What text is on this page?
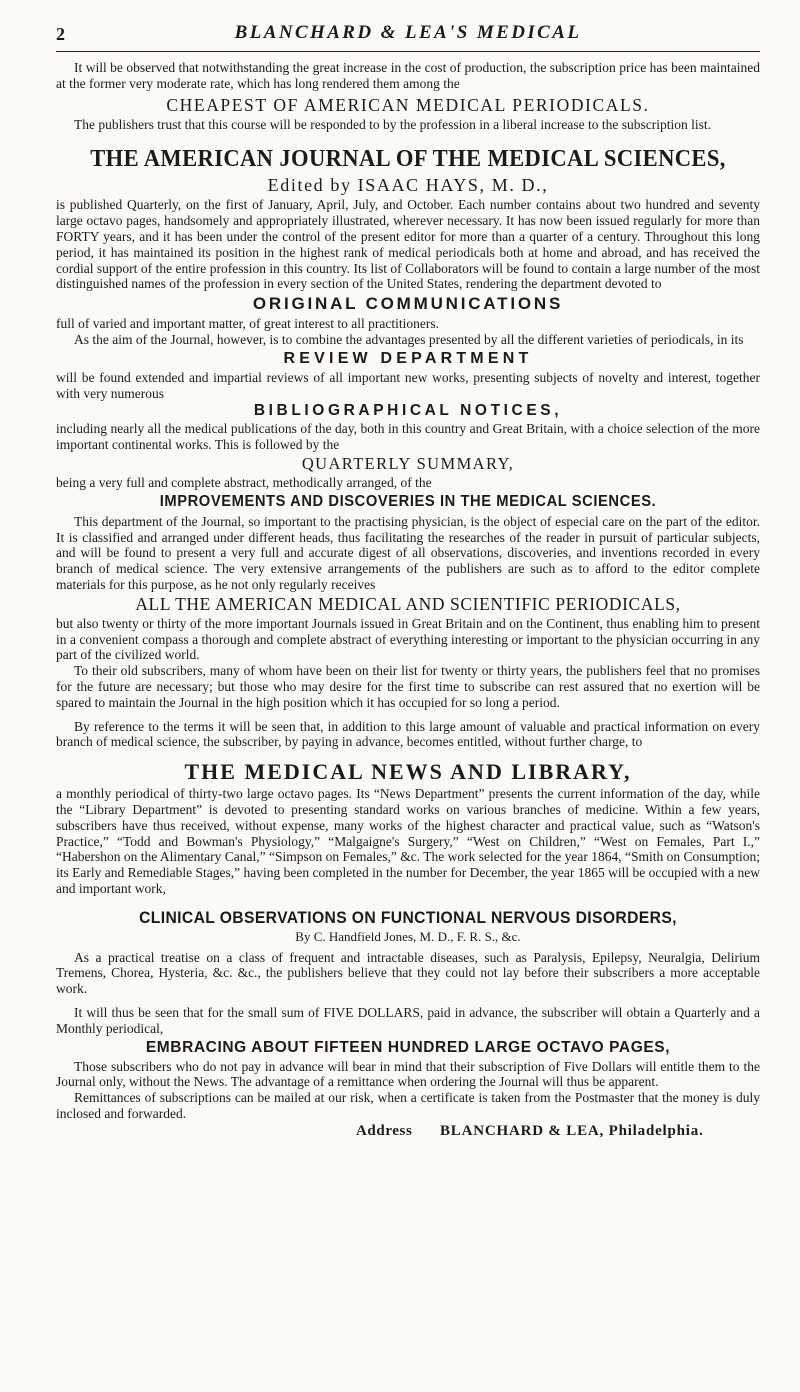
2	BLANCHARD & LEA'S MEDICAL

It will be observed that notwithstanding the great increase in the cost of production, the subscription price has been maintained at the former very moderate rate, which has long rendered them among the

CHEAPEST OF AMERICAN MEDICAL PERIODICALS.

The publishers trust that this course will be responded to by the profession in a liberal increase to the subscription list.

THE AMERICAN JOURNAL OF THE MEDICAL SCIENCES,
Edited by ISAAC HAYS, M. D.,

is published Quarterly, on the first of January, April, July, and October. Each number contains about two hundred and seventy large octavo pages, handsomely and appropriately illustrated, wherever necessary. It has now been issued regularly for more than FORTY years, and it has been under the control of the present editor for more than a quarter of a century. Throughout this long period, it has maintained its position in the highest rank of medical periodicals both at home and abroad, and has received the cordial support of the entire profession in this country. Its list of Collaborators will be found to contain a large number of the most distinguished names of the profession in every section of the United States, rendering the department devoted to

ORIGINAL COMMUNICATIONS

full of varied and important matter, of great interest to all practitioners.

As the aim of the Journal, however, is to combine the advantages presented by all the different varieties of periodicals, in its

REVIEW DEPARTMENT

will be found extended and impartial reviews of all important new works, presenting subjects of novelty and interest, together with very numerous

BIBLIOGRAPHICAL NOTICES,

including nearly all the medical publications of the day, both in this country and Great Britain, with a choice selection of the more important continental works. This is followed by the

QUARTERLY SUMMARY,

being a very full and complete abstract, methodically arranged, of the

IMPROVEMENTS AND DISCOVERIES IN THE MEDICAL SCIENCES.

This department of the Journal, so important to the practising physician, is the object of especial care on the part of the editor. It is classified and arranged under different heads, thus facilitating the researches of the reader in pursuit of particular subjects, and will be found to present a very full and accurate digest of all observations, discoveries, and inventions recorded in every branch of medical science. The very extensive arrangements of the publishers are such as to afford to the editor complete materials for this purpose, as he not only regularly receives

ALL THE AMERICAN MEDICAL AND SCIENTIFIC PERIODICALS,

but also twenty or thirty of the more important Journals issued in Great Britain and on the Continent, thus enabling him to present in a convenient compass a thorough and complete abstract of everything interesting or important to the physician occurring in any part of the civilized world.

To their old subscribers, many of whom have been on their list for twenty or thirty years, the publishers feel that no promises for the future are necessary; but those who may desire for the first time to subscribe can rest assured that no exertion will be spared to maintain the Journal in the high position which it has occupied for so long a period.

By reference to the terms it will be seen that, in addition to this large amount of valuable and practical information on every branch of medical science, the subscriber, by paying in advance, becomes entitled, without further charge, to

THE MEDICAL NEWS AND LIBRARY,

a monthly periodical of thirty-two large octavo pages. Its “News Department” presents the current information of the day, while the “Library Department” is devoted to presenting standard works on various branches of medicine. Within a few years, subscribers have thus received, without expense, many works of the highest character and practical value, such as “Watson's Practice,” “Todd and Bowman's Physiology,” “Malgaigne's Surgery,” “West on Children,” “West on Females, Part I.,” “Habershon on the Alimentary Canal,” “Simpson on Females,” &c. The work selected for the year 1864, “Smith on Consumption; its Early and Remediable Stages,” having been completed in the number for December, the year 1865 will be occupied with a new and important work,

CLINICAL OBSERVATIONS ON FUNCTIONAL NERVOUS DISORDERS,
By C. Handfield Jones, M. D., F. R. S., &c.

As a practical treatise on a class of frequent and intractable diseases, such as Paralysis, Epilepsy, Neuralgia, Delirium Tremens, Chorea, Hysteria, &c. &c., the publishers believe that they could not lay before their subscribers a more acceptable work.

It will thus be seen that for the small sum of FIVE DOLLARS, paid in advance, the subscriber will obtain a Quarterly and a Monthly periodical,

EMBRACING ABOUT FIFTEEN HUNDRED LARGE OCTAVO PAGES,

Those subscribers who do not pay in advance will bear in mind that their subscription of Five Dollars will entitle them to the Journal only, without the News. The advantage of a remittance when ordering the Journal will thus be apparent.

Remittances of subscriptions can be mailed at our risk, when a certificate is taken from the Postmaster that the money is duly inclosed and forwarded.

Address BLANCHARD & LEA, Philadelphia.
